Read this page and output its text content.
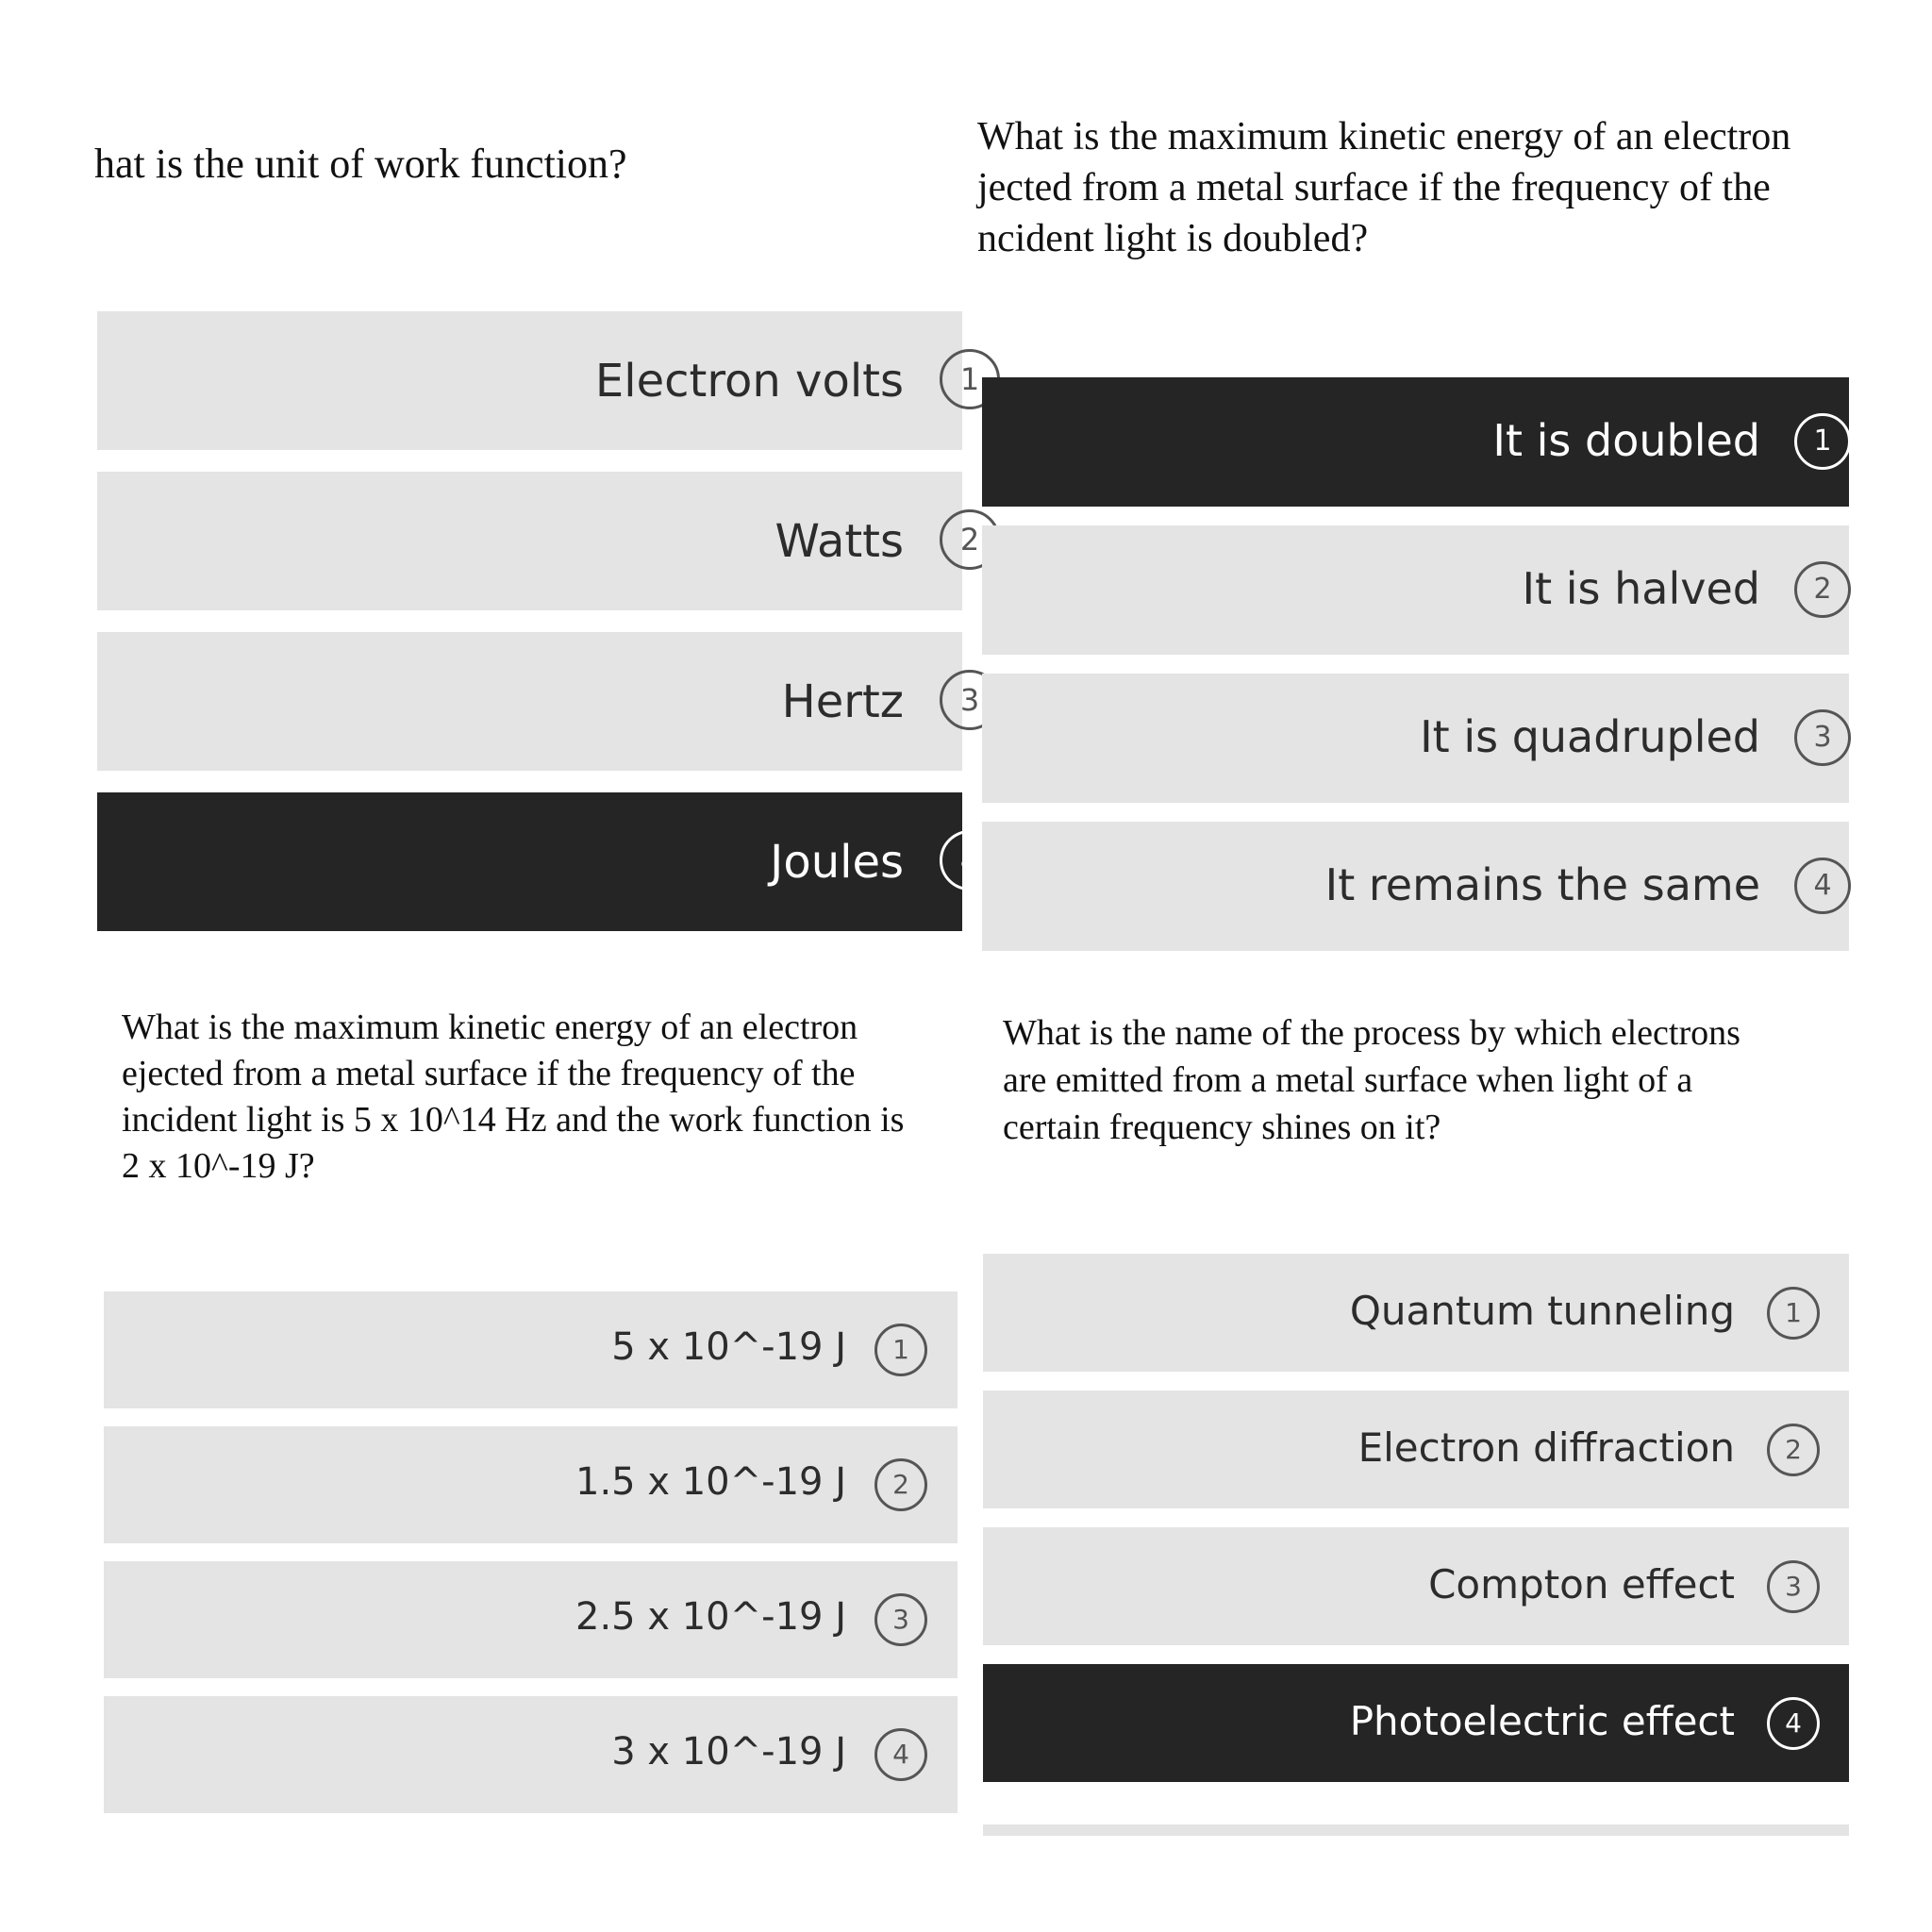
hat is the unit of work function?
Electron volts	1
Watts	2
Hertz	3
Joules	4
What is the maximum kinetic energy of an electron
jected from a metal surface if the frequency of the
ncident light is doubled?
It is doubled	1
It is halved	2
It is quadrupled	3
It remains the same	4
What is the maximum kinetic energy of an electron
ejected from a metal surface if the frequency of the
incident light is 5 x 10^14 Hz and the work function is
2 x 10^-19 J?
5 x 10^-19 J	1
1.5 x 10^-19 J	2
2.5 x 10^-19 J	3
3 x 10^-19 J	4
What is the name of the process by which electrons
are emitted from a metal surface when light of a
certain frequency shines on it?
Quantum tunneling	1
Electron diffraction	2
Compton effect	3
Photoelectric effect	4
